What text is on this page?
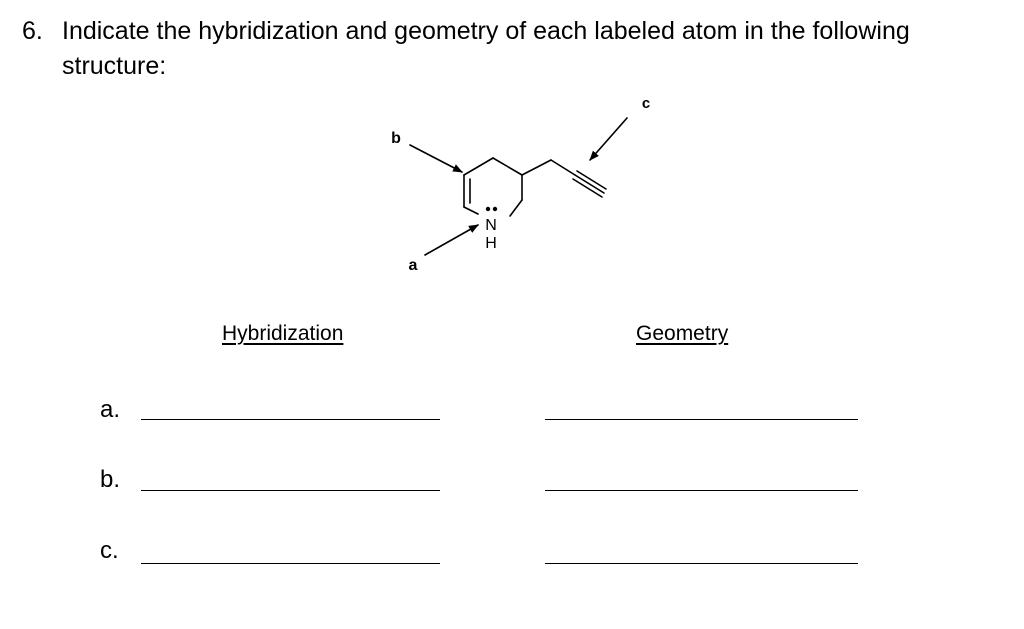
6. Indicate the hybridization and geometry of each labeled atom in the following structure:
N
H
a
b
c
Hybridization	Geometry
a.
b.
c.
